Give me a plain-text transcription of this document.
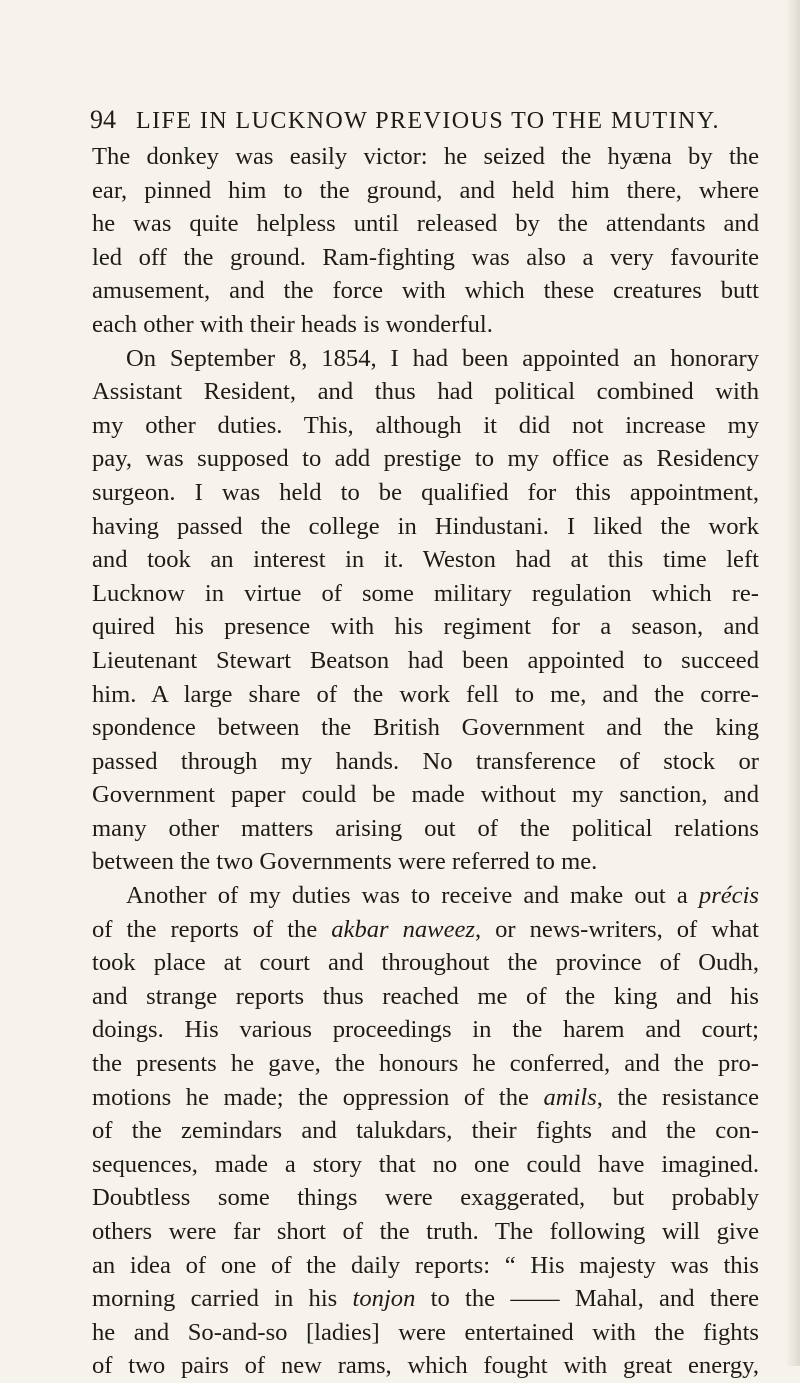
94 LIFE IN LUCKNOW PREVIOUS TO THE MUTINY.
The donkey was easily victor: he seized the hyæna by the
ear, pinned him to the ground, and held him there, where
he was quite helpless until released by the attendants and
led off the ground. Ram-fighting was also a very favourite
amusement, and the force with which these creatures butt
each other with their heads is wonderful.
On September 8, 1854, I had been appointed an honorary
Assistant Resident, and thus had political combined with
my other duties. This, although it did not increase my
pay, was supposed to add prestige to my office as Residency
surgeon. I was held to be qualified for this appointment,
having passed the college in Hindustani. I liked the work
and took an interest in it. Weston had at this time left
Lucknow in virtue of some military regulation which re-
quired his presence with his regiment for a season, and
Lieutenant Stewart Beatson had been appointed to succeed
him. A large share of the work fell to me, and the corre-
spondence between the British Government and the king
passed through my hands. No transference of stock or
Government paper could be made without my sanction, and
many other matters arising out of the political relations
between the two Governments were referred to me.
Another of my duties was to receive and make out a précis
of the reports of the akbar naweez, or news-writers, of what
took place at court and throughout the province of Oudh,
and strange reports thus reached me of the king and his
doings. His various proceedings in the harem and court;
the presents he gave, the honours he conferred, and the pro-
motions he made; the oppression of the amils, the resistance
of the zemindars and talukdars, their fights and the con-
sequences, made a story that no one could have imagined.
Doubtless some things were exaggerated, but probably
others were far short of the truth. The following will give
an idea of one of the daily reports: “ His majesty was this
morning carried in his tonjon to the —— Mahal, and there
he and So-and-so [ladies] were entertained with the fights
of two pairs of new rams, which fought with great energy,
